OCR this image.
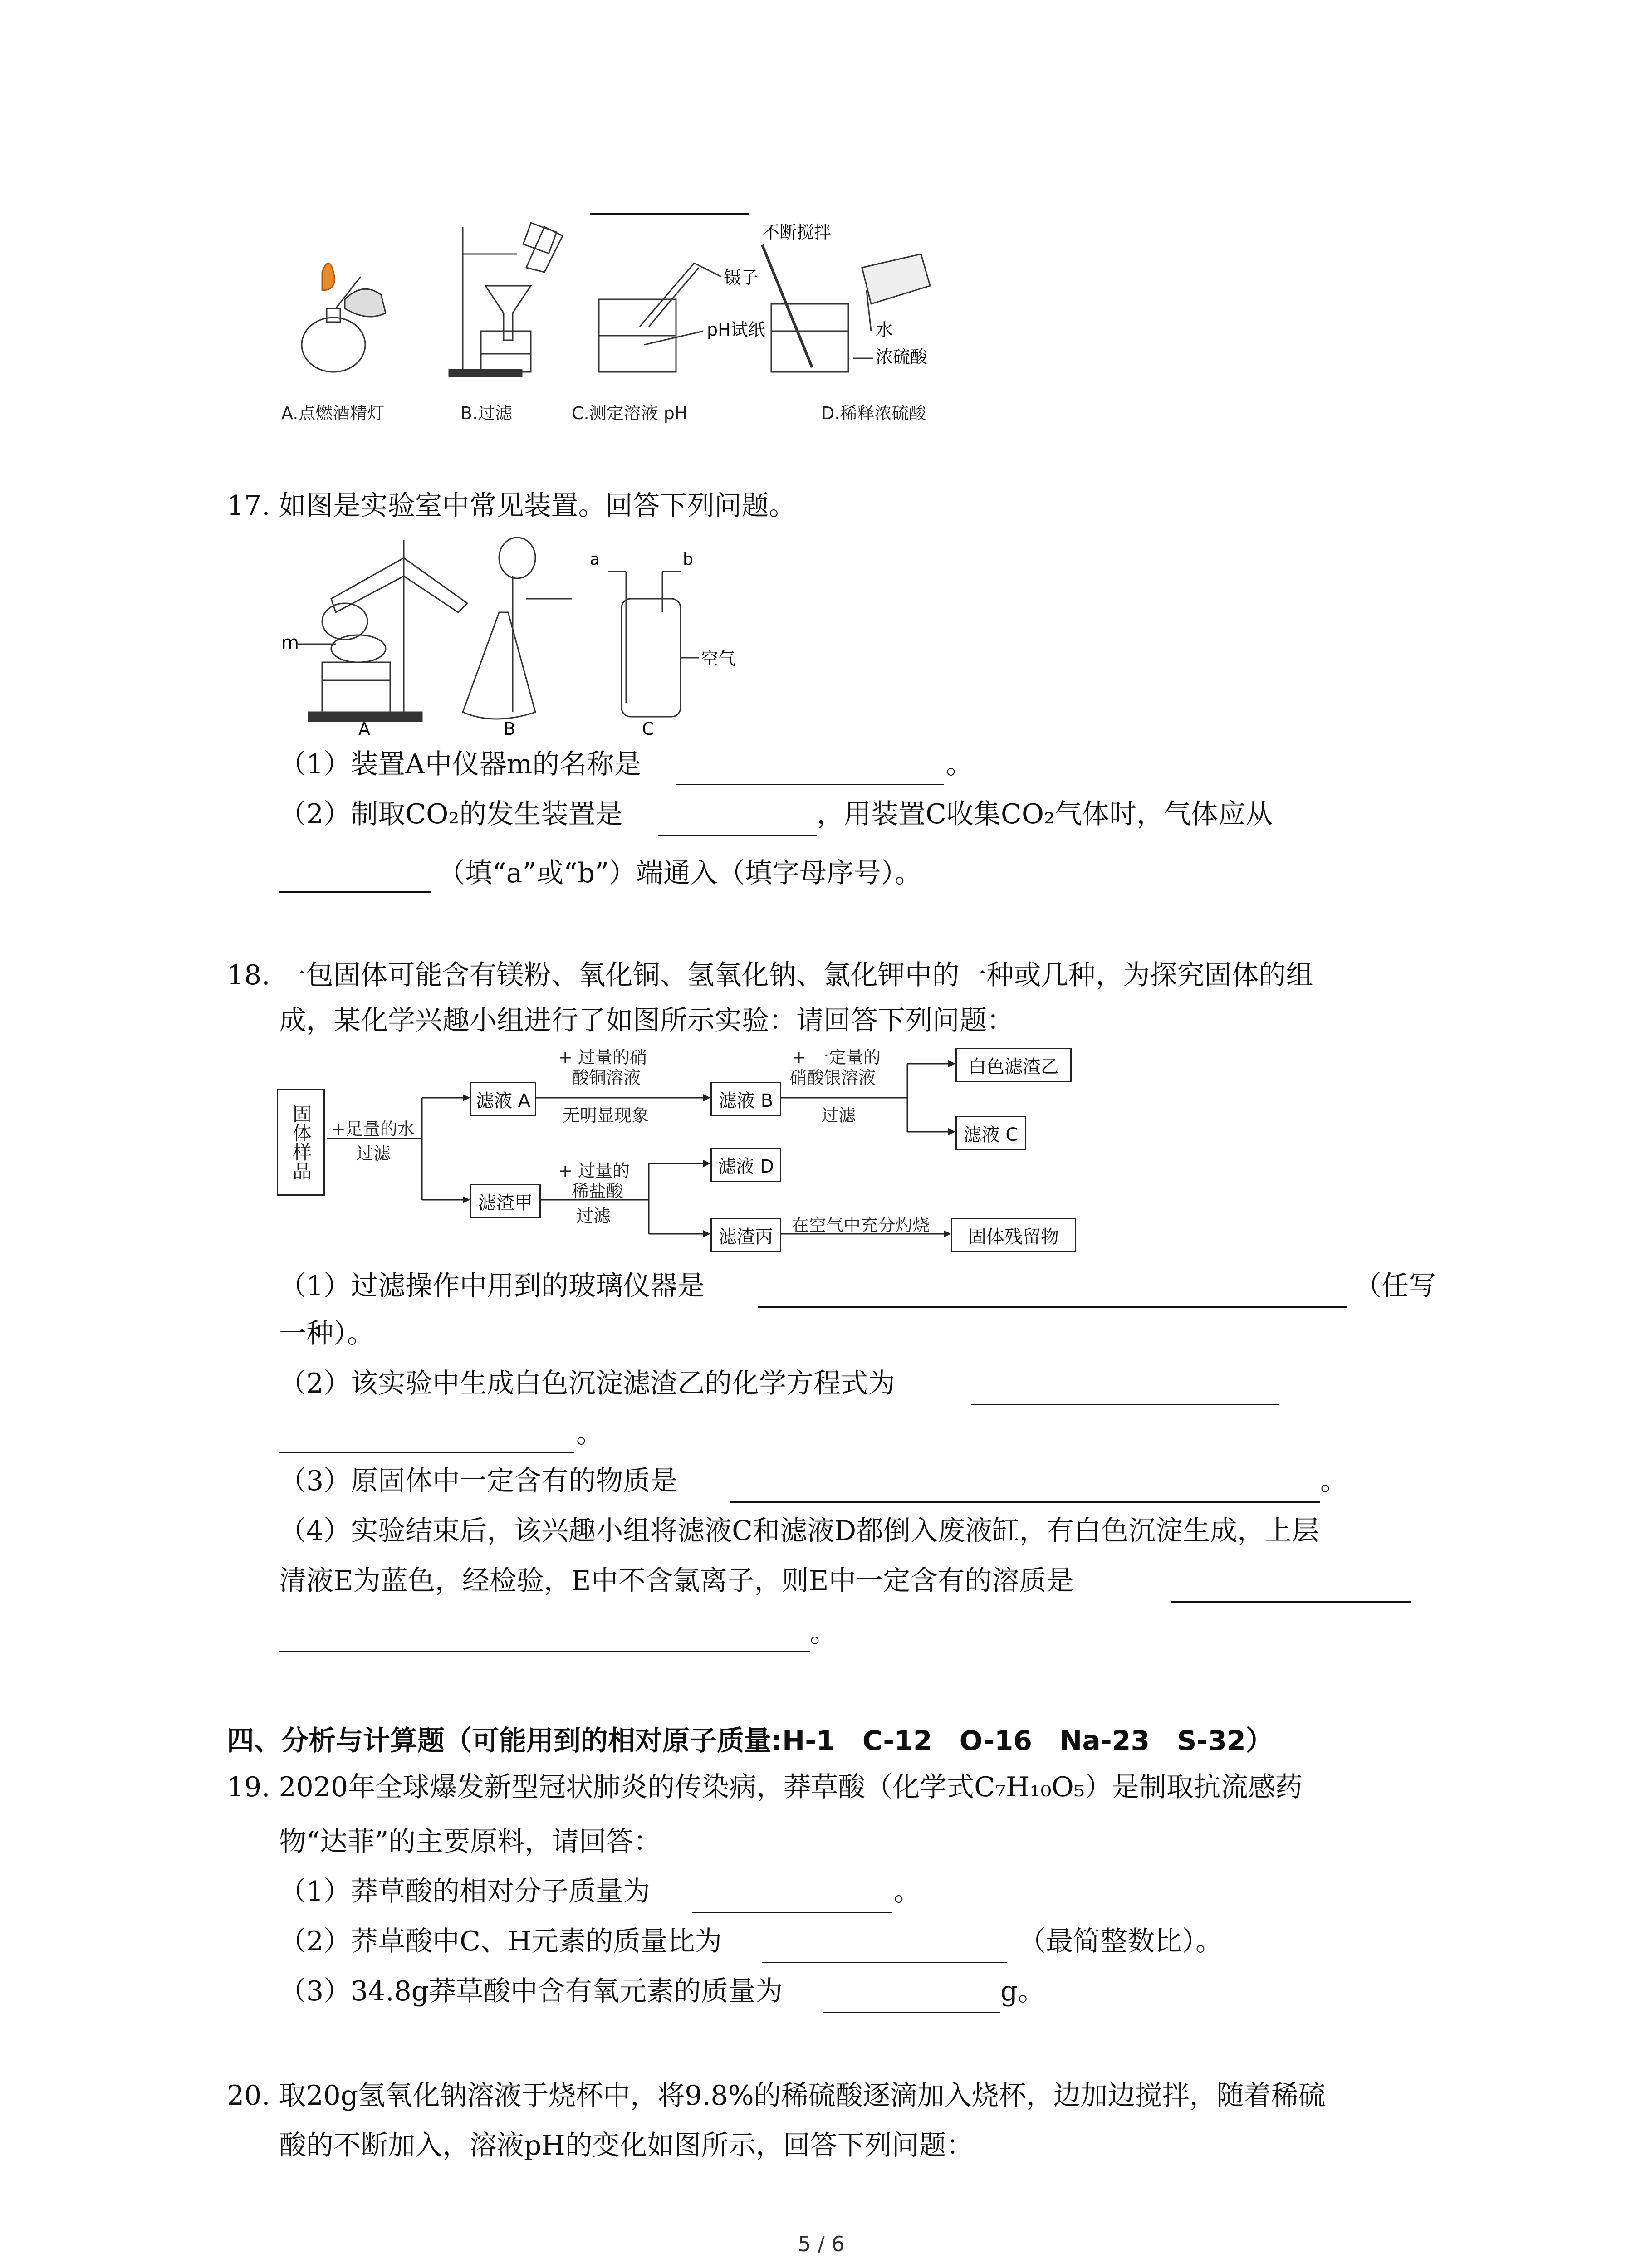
镊子
pH试纸
不断搅拌
水
浓硫酸
A.点燃酒精灯	B.过滤	C.测定溶液 pH	D.稀释浓硫酸
17. 如图是实验室中常见装置。回答下列问题。
m
a	b
空气
A	B	C
（1）装置A中仪器m的名称是	。
（2）制取CO₂的发生装置是	，用装置C收集CO₂气体时，气体应从
（填“a”或“b”）端通入（填字母序号）。
18. 一包固体可能含有镁粉、氧化铜、氢氧化钠、氯化钾中的一种或几种，为探究固体的组
成，某化学兴趣小组进行了如图所示实验：请回答下列问题：
固体样品 +足量的水
过滤
滤液 A
+ 过量的硝
酸铜溶液
无明显现象
滤液 B
+ 一定量的
硝酸银溶液
过滤
白色滤渣乙
滤液 C
滤渣甲
+ 过量的
稀盐酸
过滤
滤液 D
滤渣丙
在空气中充分灼烧
固体残留物
（1）过滤操作中用到的玻璃仪器是	（任写
一种）。
（2）该实验中生成白色沉淀滤渣乙的化学方程式为
。
（3）原固体中一定含有的物质是	。
（4）实验结束后，该兴趣小组将滤液C和滤液D都倒入废液缸，有白色沉淀生成，上层
清液E为蓝色，经检验，E中不含氯离子，则E中一定含有的溶质是
。
四、分析与计算题（可能用到的相对原子质量:H-1　C-12　O-16　Na-23　S-32）
19. 2020年全球爆发新型冠状肺炎的传染病，莽草酸（化学式C₇H₁₀O₅）是制取抗流感药
物“达菲”的主要原料，请回答：
（1）莽草酸的相对分子质量为	。
（2）莽草酸中C、H元素的质量比为	（最简整数比）。
（3）34.8g莽草酸中含有氧元素的质量为	g。
20. 取20g氢氧化钠溶液于烧杯中，将9.8%的稀硫酸逐滴加入烧杯，边加边搅拌，随着稀硫
酸的不断加入，溶液pH的变化如图所示，回答下列问题：
5 / 6
